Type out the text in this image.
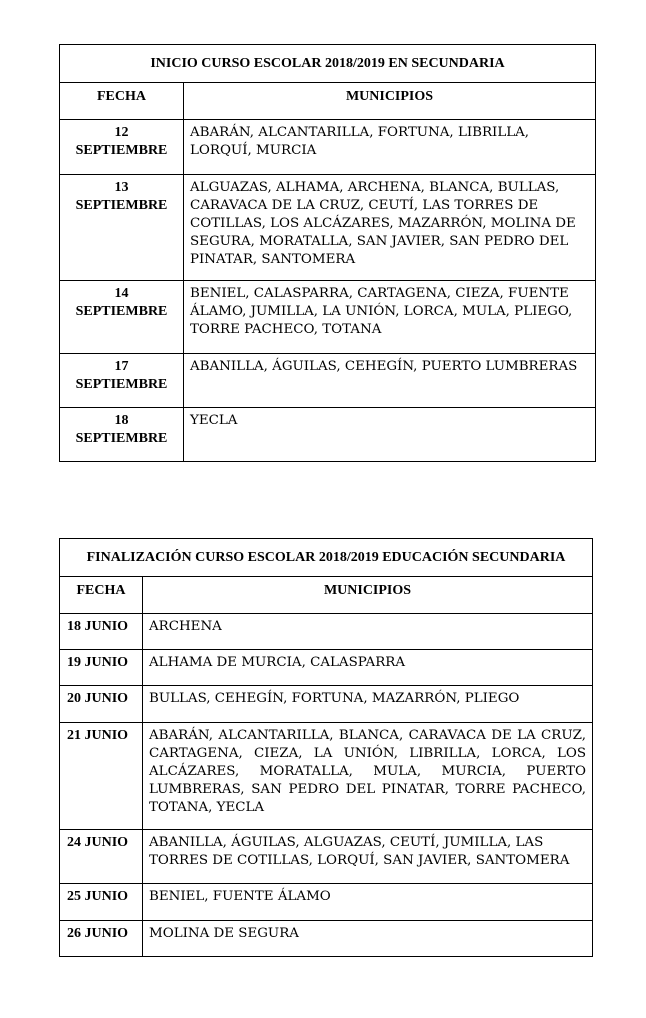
INICIO CURSO ESCOLAR 2018/2019 EN SECUNDARIA	
FECHA	MUNICIPIOS

12
SEPTIEMBRE	ABARÁN, ALCANTARILLA, FORTUNA, LIBRILLA, LORQUÍ, MURCIA

13
SEPTIEMBRE	ALGUAZAS, ALHAMA, ARCHENA, BLANCA, BULLAS, CARAVACA DE LA CRUZ, CEUTÍ, LAS TORRES DE COTILLAS, LOS ALCÁZARES, MAZARRÓN, MOLINA DE SEGURA, MORATALLA, SAN JAVIER, SAN PEDRO DEL PINATAR, SANTOMERA

14
SEPTIEMBRE	BENIEL, CALASPARRA, CARTAGENA, CIEZA, FUENTE ÁLAMO, JUMILLA, LA UNIÓN, LORCA, MULA, PLIEGO, TORRE PACHECO, TOTANA

17
SEPTIEMBRE	ABANILLA, ÁGUILAS, CEHEGÍN, PUERTO LUMBRERAS

18
SEPTIEMBRE	YECLA
FINALIZACIÓN CURSO ESCOLAR 2018/2019 EDUCACIÓN SECUNDARIA	
FECHA	MUNICIPIOS
18 JUNIO	ARCHENA
19 JUNIO	ALHAMA DE MURCIA, CALASPARRA
20 JUNIO	BULLAS, CEHEGÍN, FORTUNA, MAZARRÓN, PLIEGO
21 JUNIO	ABARÁN, ALCANTARILLA, BLANCA, CARAVACA DE LA CRUZ, CARTAGENA, CIEZA, LA UNIÓN, LIBRILLA, LORCA, LOS ALCÁZARES, MORATALLA, MULA, MURCIA, PUERTO LUMBRERAS, SAN PEDRO DEL PINATAR, TORRE PACHECO, TOTANA, YECLA
24 JUNIO	ABANILLA, ÁGUILAS, ALGUAZAS, CEUTÍ, JUMILLA, LAS TORRES DE COTILLAS, LORQUÍ, SAN JAVIER, SANTOMERA
25 JUNIO	BENIEL, FUENTE ÁLAMO
26 JUNIO	MOLINA DE SEGURA
